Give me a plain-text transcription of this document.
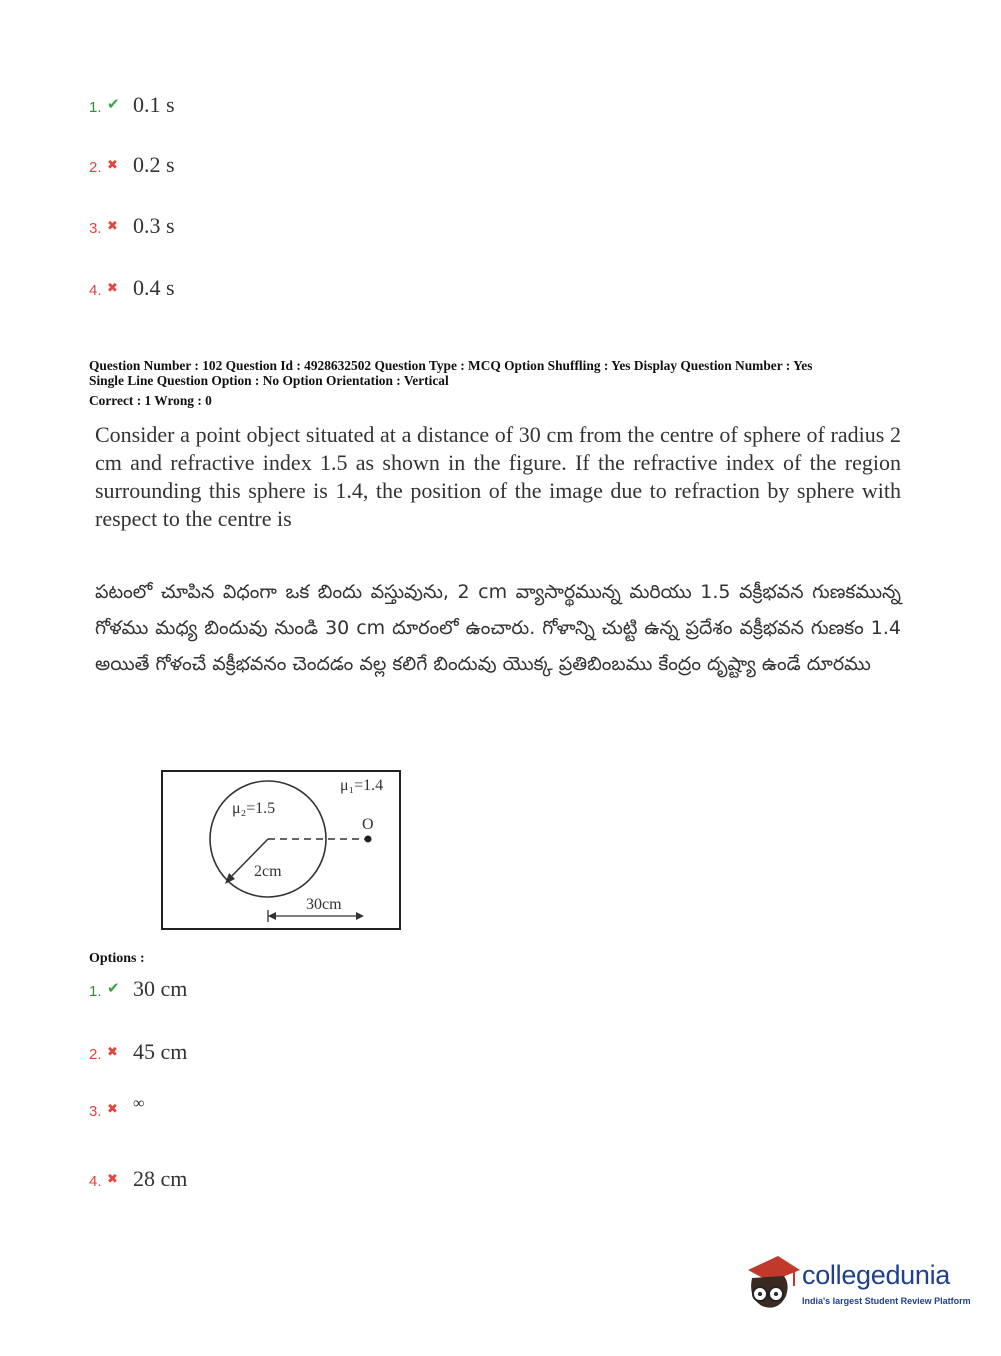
1. ✔ 0.1 s
2. ✖ 0.2 s
3. ✖ 0.3 s
4. ✖ 0.4 s
Question Number : 102 Question Id : 4928632502 Question Type : MCQ Option Shuffling : Yes Display Question Number : Yes
Single Line Question Option : No Option Orientation : Vertical
Correct : 1 Wrong : 0
Consider a point object situated at a distance of 30 cm from the centre of sphere of radius 2 cm and refractive index 1.5 as shown in the figure. If the refractive index of the region surrounding this sphere is 1.4, the position of the image due to refraction by sphere with respect to the centre is
పటంలో చూపిన విధంగా ఒక బిందు వస్తువును, 2 cm వ్యాసార్థమున్న మరియు 1.5 వక్రీభవన గుణకమున్న గోళము మధ్య బిందువు నుండి 30 cm దూరంలో ఉంచారు. గోళాన్ని చుట్టి ఉన్న ప్రదేశం వక్రీభవన గుణకం 1.4 అయితే గోళంచే వక్రీభవనం చెందడం వల్ల కలిగే బిందువు యొక్క ప్రతిబింబము కేంద్రం దృష్ట్యా ఉండే దూరము
μ₁=1.4
μ₂=1.5
O
2cm
30cm
Options :
1. ✔ 30 cm
2. ✖ 45 cm
3. ✖ ∞
4. ✖ 28 cm
collegedunia
India's largest Student Review Platform
